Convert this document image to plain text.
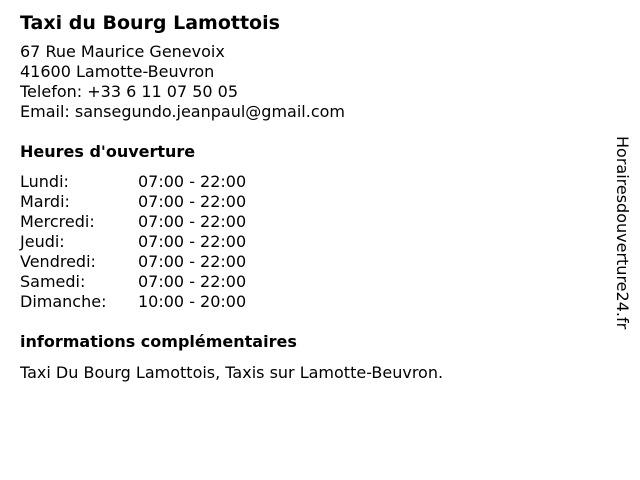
Taxi du Bourg Lamottois
67 Rue Maurice Genevoix
41600 Lamotte-Beuvron
Telefon: +33 6 11 07 50 05
Email: sansegundo.jeanpaul@gmail.com
Heures d'ouverture
Lundi:	07:00 - 22:00
Mardi:	07:00 - 22:00
Mercredi:	07:00 - 22:00
Jeudi:	07:00 - 22:00
Vendredi:	07:00 - 22:00
Samedi:	07:00 - 22:00
Dimanche:	10:00 - 20:00
informations complémentaires
Taxi Du Bourg Lamottois, Taxis sur Lamotte-Beuvron.
Horairesdouverture24.fr
